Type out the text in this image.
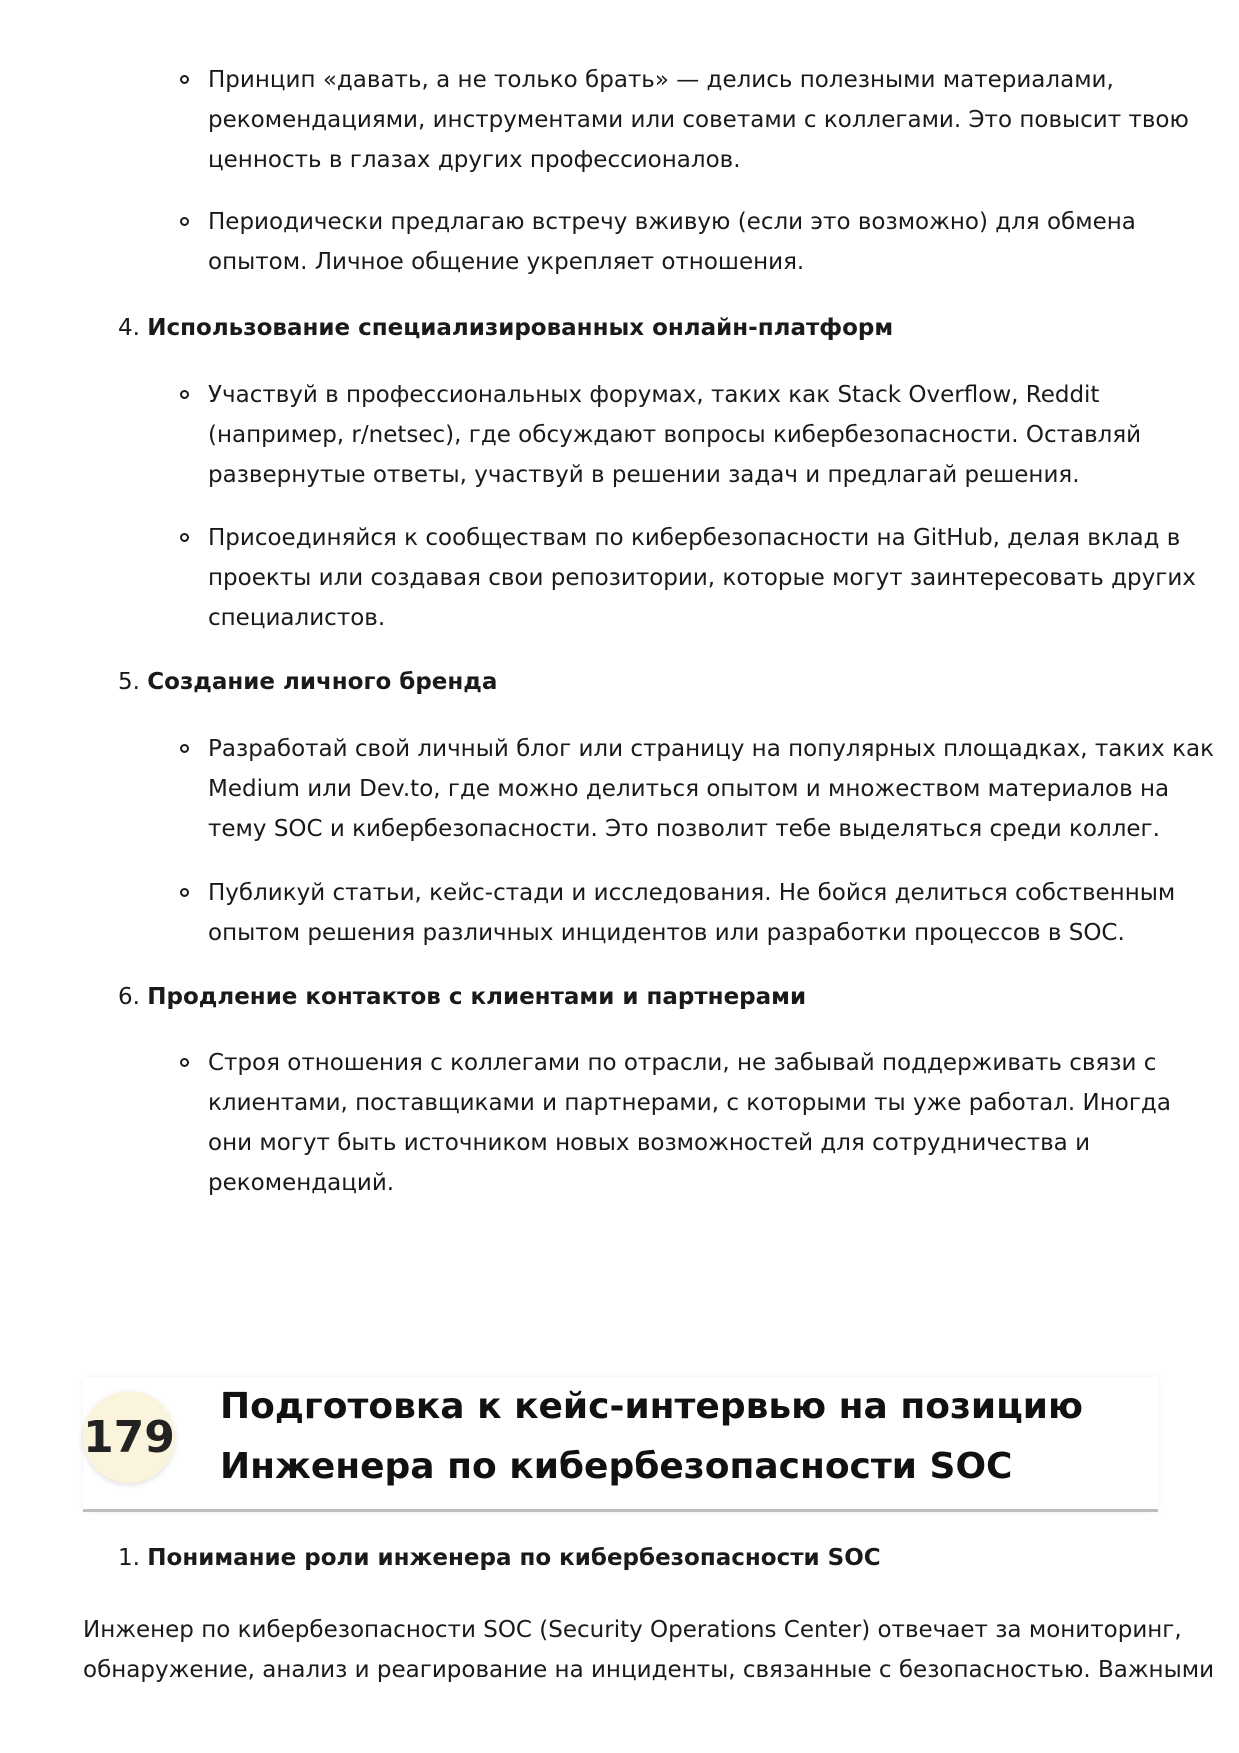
Принцип «давать, а не только брать» — делись полезными материалами,
рекомендациями, инструментами или советами с коллегами. Это повысит твою
ценность в глазах других профессионалов.
Периодически предлагаю встречу вживую (если это возможно) для обмена
опытом. Личное общение укрепляет отношения.

4. Использование специализированных онлайн-платформ

Участвуй в профессиональных форумах, таких как Stack Overflow, Reddit
(например, r/netsec), где обсуждают вопросы кибербезопасности. Оставляй
развернутые ответы, участвуй в решении задач и предлагай решения.
Присоединяйся к сообществам по кибербезопасности на GitHub, делая вклад в
проекты или создавая свои репозитории, которые могут заинтересовать других
специалистов.

5. Создание личного бренда

Разработай свой личный блог или страницу на популярных площадках, таких как
Medium или Dev.to, где можно делиться опытом и множеством материалов на
тему SOC и кибербезопасности. Это позволит тебе выделяться среди коллег.
Публикуй статьи, кейс-стади и исследования. Не бойся делиться собственным
опытом решения различных инцидентов или разработки процессов в SOC.

6. Продление контактов с клиентами и партнерами

Строя отношения с коллегами по отрасли, не забывай поддерживать связи с
клиентами, поставщиками и партнерами, с которыми ты уже работал. Иногда
они могут быть источником новых возможностей для сотрудничества и
рекомендаций.
179
Подготовка к кейс-интервью на позицию
Инженера по кибербезопасности SOC

1. Понимание роли инженера по кибербезопасности SOC

Инженер по кибербезопасности SOC (Security Operations Center) отвечает за мониторинг,
обнаружение, анализ и реагирование на инциденты, связанные с безопасностью. Важными
